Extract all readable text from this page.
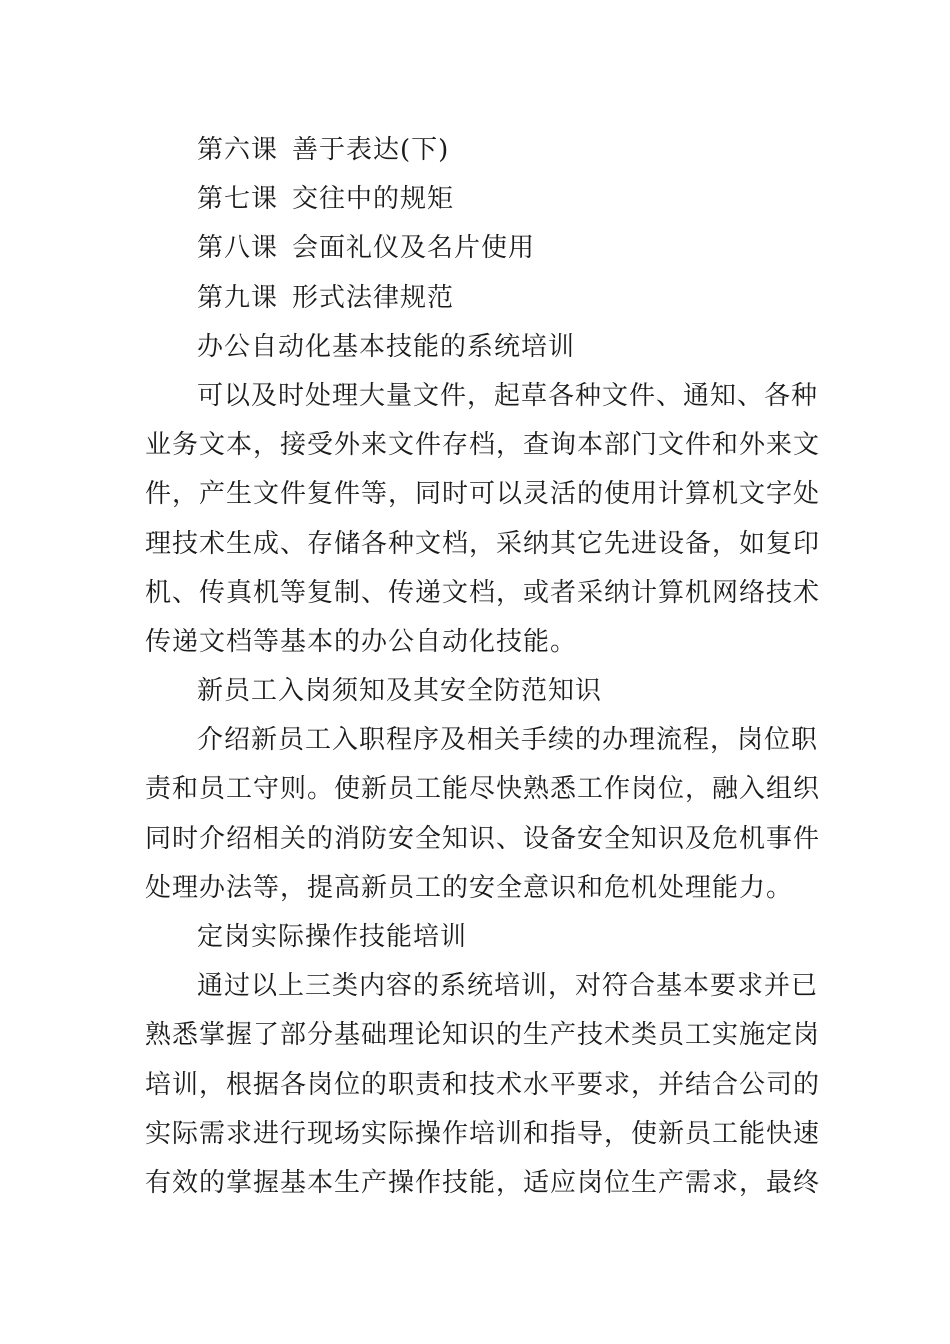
第六课 善于表达(下)
第七课 交往中的规矩
第八课 会面礼仪及名片使用
第九课 形式法律规范
办公自动化基本技能的系统培训
可以及时处理大量文件，起草各种文件、通知、各种
业务文本，接受外来文件存档，查询本部门文件和外来文
件，产生文件复件等，同时可以灵活的使用计算机文字处
理技术生成、存储各种文档，采纳其它先进设备，如复印
机、传真机等复制、传递文档，或者采纳计算机网络技术
传递文档等基本的办公自动化技能。
新员工入岗须知及其安全防范知识
介绍新员工入职程序及相关手续的办理流程，岗位职
责和员工守则。使新员工能尽快熟悉工作岗位，融入组织
同时介绍相关的消防安全知识、设备安全知识及危机事件
处理办法等，提高新员工的安全意识和危机处理能力。
定岗实际操作技能培训
通过以上三类内容的系统培训，对符合基本要求并已
熟悉掌握了部分基础理论知识的生产技术类员工实施定岗
培训，根据各岗位的职责和技术水平要求，并结合公司的
实际需求进行现场实际操作培训和指导，使新员工能快速
有效的掌握基本生产操作技能，适应岗位生产需求，最终
